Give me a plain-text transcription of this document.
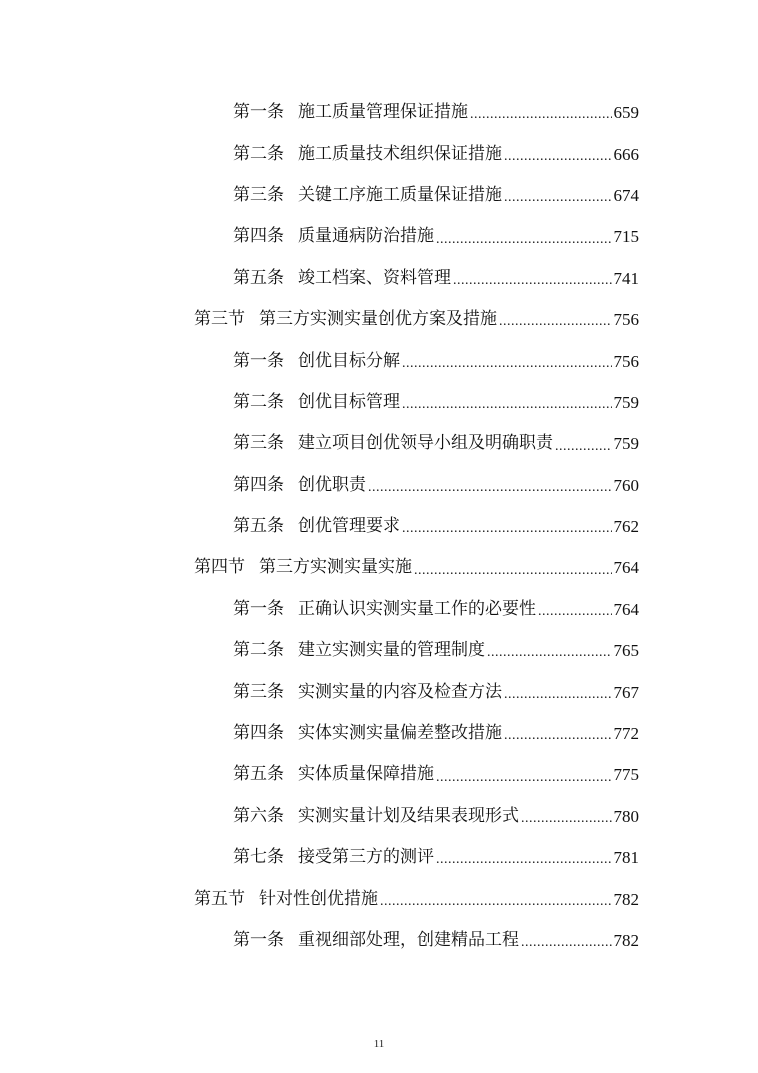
第一条 施工质量管理保证措施 .....	659
第二条 施工质量技术组织保证措施 .....	666
第三条 关键工序施工质量保证措施 .....	674
第四条 质量通病防治措施 .....	715
第五条 竣工档案、资料管理 .....	741
第三节 第三方实测实量创优方案及措施 .....	756
第一条 创优目标分解 .....	756
第二条 创优目标管理 .....	759
第三条 建立项目创优领导小组及明确职责 .....	759
第四条 创优职责 .....	760
第五条 创优管理要求 .....	762
第四节 第三方实测实量实施 .....	764
第一条 正确认识实测实量工作的必要性 .....	764
第二条 建立实测实量的管理制度 .....	765
第三条 实测实量的内容及检查方法 .....	767
第四条 实体实测实量偏差整改措施 .....	772
第五条 实体质量保障措施 .....	775
第六条 实测实量计划及结果表现形式 .....	780
第七条 接受第三方的测评 .....	781
第五节 针对性创优措施 .....	782
第一条 重视细部处理，创建精品工程 .....	782
11
